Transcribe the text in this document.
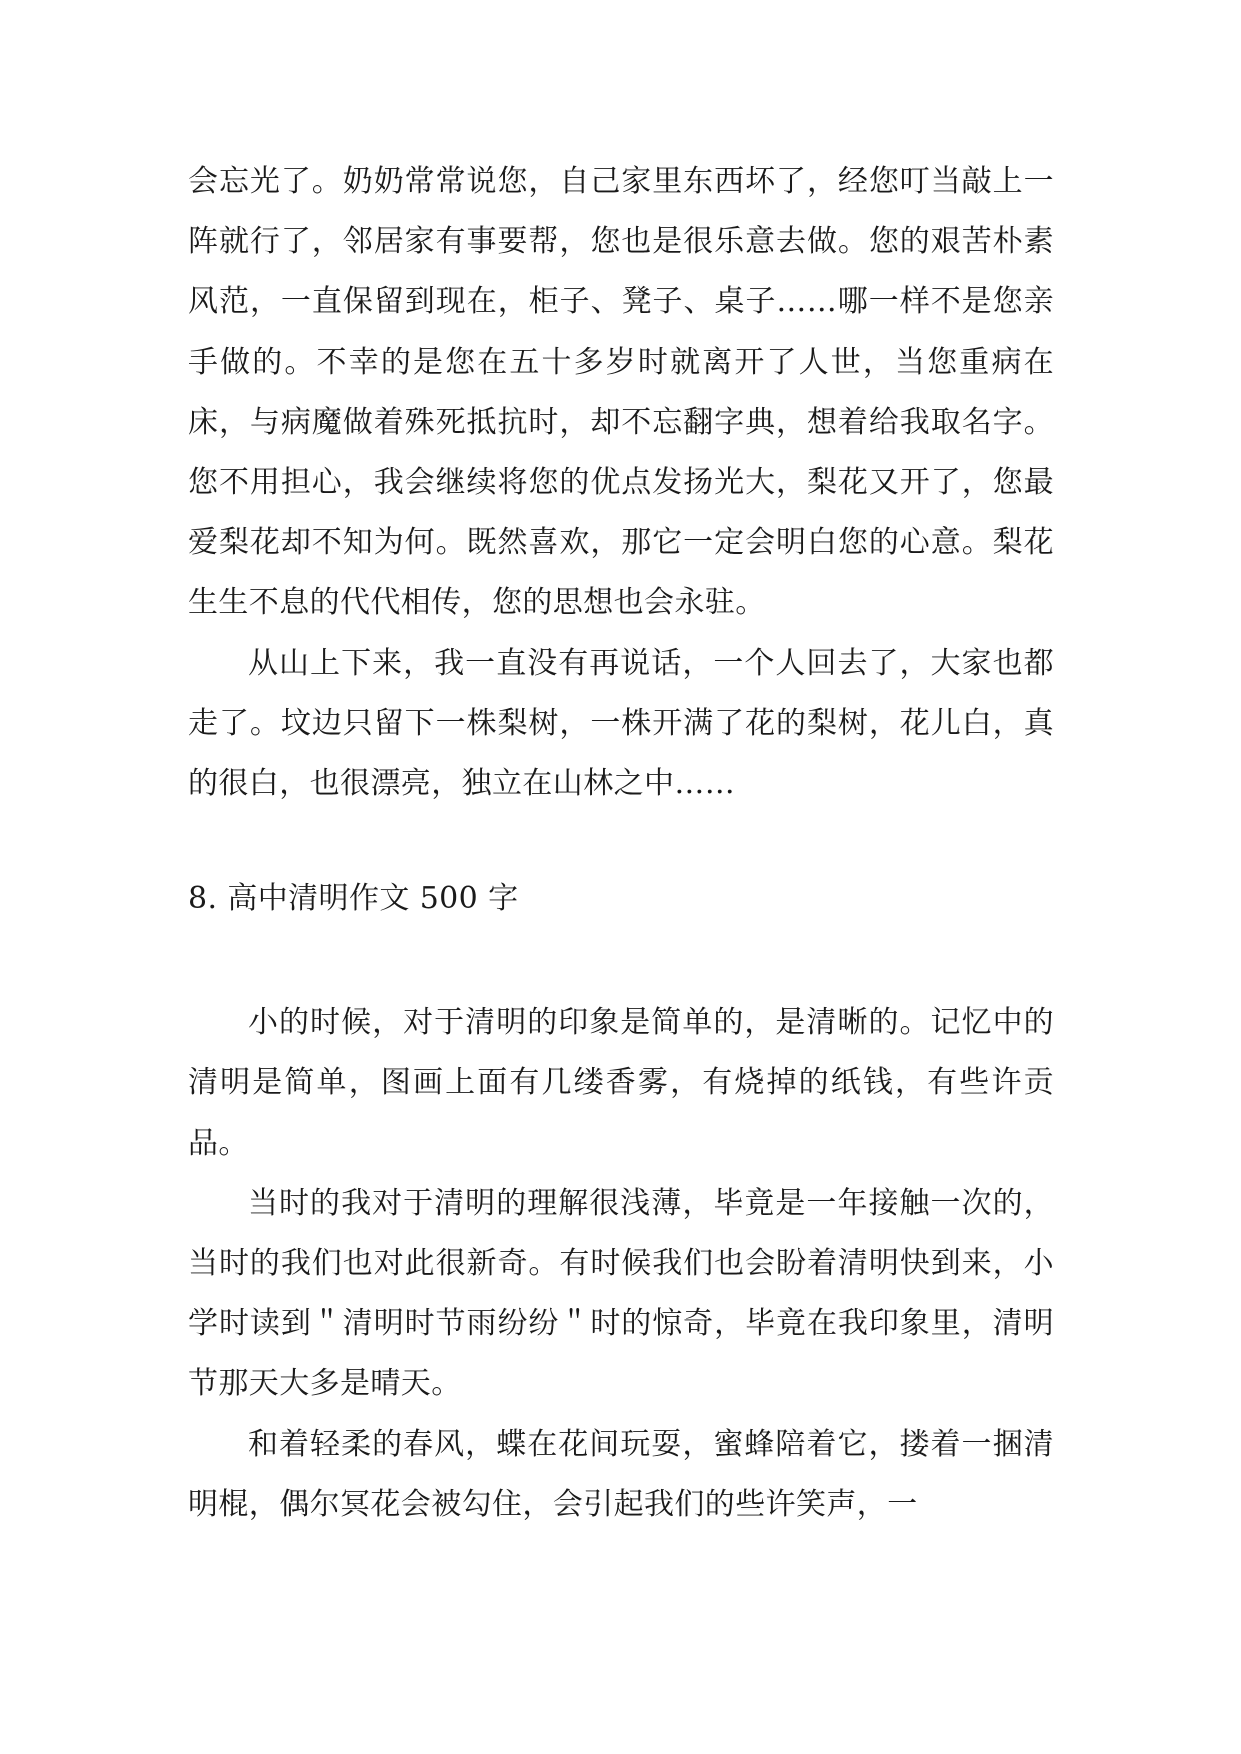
会忘光了。奶奶常常说您，自己家里东西坏了，经您叮当敲上一阵就行了，邻居家有事要帮，您也是很乐意去做。您的艰苦朴素风范，一直保留到现在，柜子、凳子、桌子……哪一样不是您亲手做的。不幸的是您在五十多岁时就离开了人世，当您重病在床，与病魔做着殊死抵抗时，却不忘翻字典，想着给我取名字。您不用担心，我会继续将您的优点发扬光大，梨花又开了，您最爱梨花却不知为何。既然喜欢，那它一定会明白您的心意。梨花生生不息的代代相传，您的思想也会永驻。

从山上下来，我一直没有再说话，一个人回去了，大家也都走了。坟边只留下一株梨树，一株开满了花的梨树，花儿白，真的很白，也很漂亮，独立在山林之中……

8. 高中清明作文 500 字

小的时候，对于清明的印象是简单的，是清晰的。记忆中的清明是简单，图画上面有几缕香雾，有烧掉的纸钱，有些许贡品。

当时的我对于清明的理解很浅薄，毕竟是一年接触一次的，当时的我们也对此很新奇。有时候我们也会盼着清明快到来，小学时读到＂清明时节雨纷纷＂时的惊奇，毕竟在我印象里，清明节那天大多是晴天。

和着轻柔的春风，蝶在花间玩耍，蜜蜂陪着它，搂着一捆清明棍，偶尔冥花会被勾住，会引起我们的些许笑声，一
